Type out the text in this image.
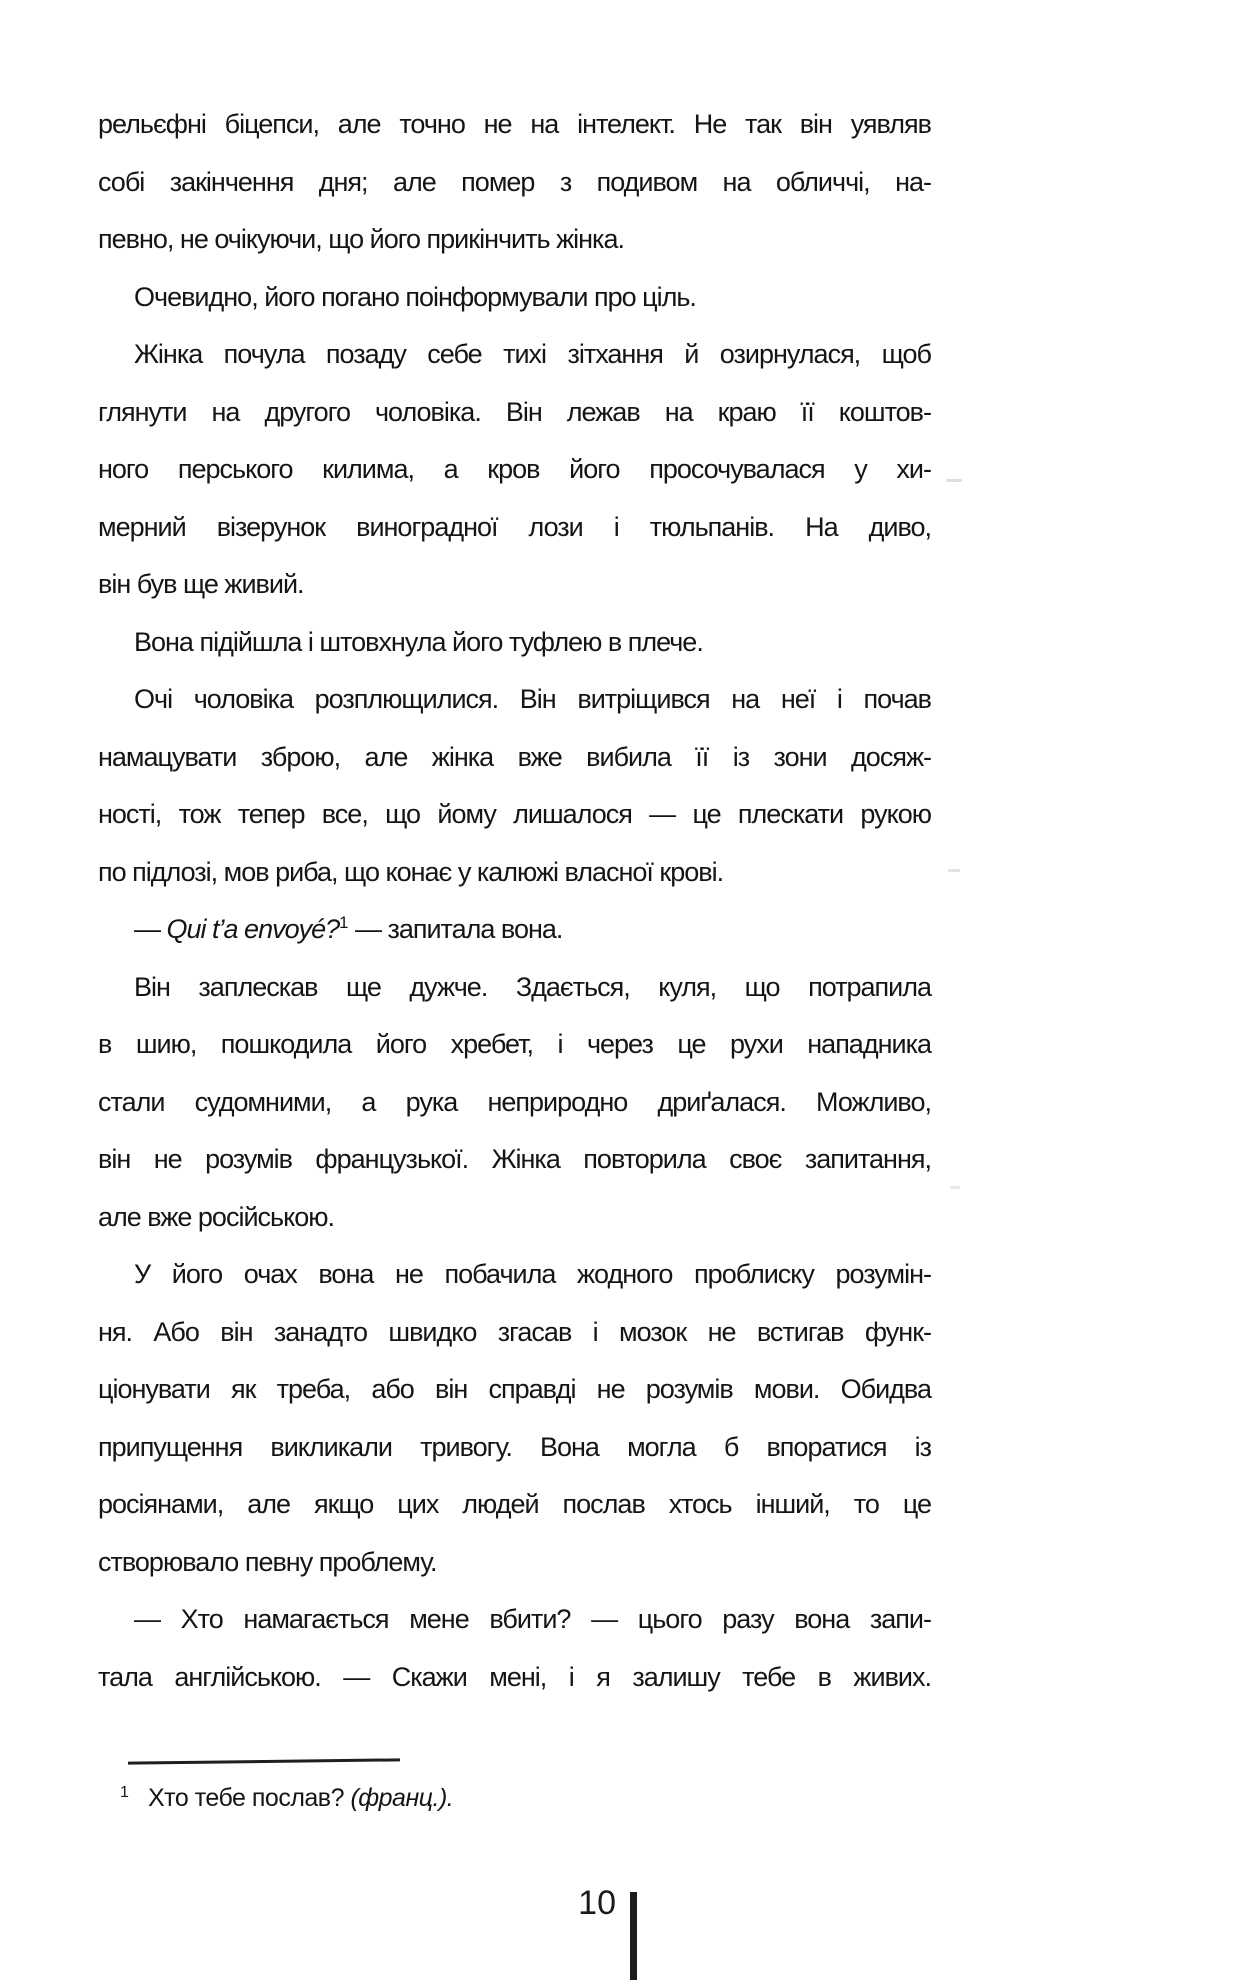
рельєфні біцепси, але точно не на інтелект. Не так він уявляв
собі закінчення дня; але помер з подивом на обличчі, на-
певно, не очікуючи, що його прикінчить жінка.
Очевидно, його погано поінформували про ціль.
Жінка почула позаду себе тихі зітхання й озирнулася, щоб
глянути на другого чоловіка. Він лежав на краю її коштов-
ного перського килима, а кров його просочувалася у хи-
мерний візерунок виноградної лози і тюльпанів. На диво,
він був ще живий.
Вона підійшла і штовхнула його туфлею в плече.
Очі чоловіка розплющилися. Він витріщився на неї і почав
намацувати зброю, але жінка вже вибила її із зони досяж-
ності, тож тепер все, що йому лишалося — це плескати рукою
по підлозі, мов риба, що конає у калюжі власної крові.
— Qui t’a envoyé?$^1$ — запитала вона.
Він заплескав ще дужче. Здається, куля, що потрапила
в шию, пошкодила його хребет, і через це рухи нападника
стали судомними, а рука неприродно дриґалася. Можливо,
він не розумів французької. Жінка повторила своє запитання,
але вже російською.
У його очах вона не побачила жодного проблиску розумін-
ня. Або він занадто швидко згасав і мозок не встигав функ-
ціонувати як треба, або він справді не розумів мови. Обидва
припущення викликали тривогу. Вона могла б впоратися із
росіянами, але якщо цих людей послав хтось інший, то це
створювало певну проблему.
— Хто намагається мене вбити? — цього разу вона запи-
тала англійською. — Скажи мені, і я залишу тебе в живих.
1 Хто тебе послав? (франц.).
10
